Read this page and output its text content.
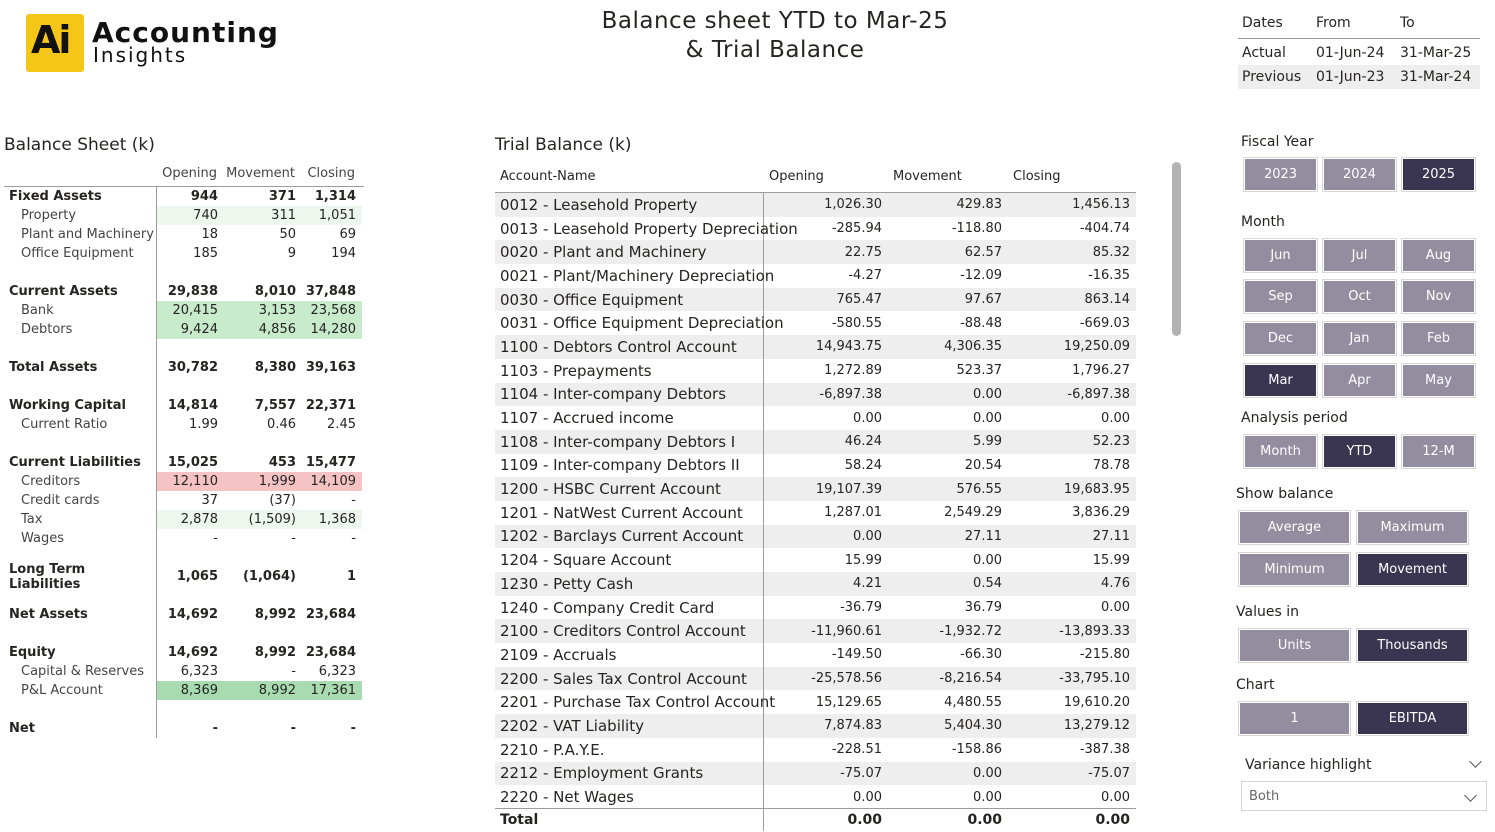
Ai Accounting
Insights
Balance sheet YTD to Mar-25
& Trial Balance
Dates	From	To
Actual	01-Jun-24	31-Mar-25
Previous	01-Jun-23	31-Mar-24
Balance Sheet (k)
Opening Movement Closing
Fixed Assets	944	371	1,314
Property	740	311	1,051
Plant and Machinery	18	50	69
Office Equipment	185	9	194
Current Assets	29,838	8,010 37,848
Bank	20,415	3,153	23,568
Debtors	9,424	4,856	14,280
Total Assets	30,782	8,380 39,163
Working Capital	14,814	7,557 22,371
Current Ratio	1.99	0.46	2.45
Current Liabilities	15,025	453 15,477
Creditors	12,110	1,999	14,109
Credit cards	37	(37)	-
Tax	2,878	(1,509)	1,368
Wages	-	-	-
Long Term Liabilities	1,065	(1,064)	1
Net Assets	14,692	8,992 23,684
Equity	14,692	8,992 23,684
Capital & Reserves	6,323	-	6,323
P&L Account	8,369	8,992	17,361
Net	-	-	-
Trial Balance (k)
Account-Name	Opening	Movement	Closing
0012 - Leasehold Property	1,026.30	429.83	1,456.13
0013 - Leasehold Property Depreciation	-285.94	-118.80	-404.74
0020 - Plant and Machinery	22.75	62.57	85.32
0021 - Plant/Machinery Depreciation	-4.27	-12.09	-16.35
0030 - Office Equipment	765.47	97.67	863.14
0031 - Office Equipment Depreciation	-580.55	-88.48	-669.03
1100 - Debtors Control Account	14,943.75	4,306.35	19,250.09
1103 - Prepayments	1,272.89	523.37	1,796.27
1104 - Inter-company Debtors	-6,897.38	0.00	-6,897.38
1107 - Accrued income	0.00	0.00	0.00
1108 - Inter-company Debtors I	46.24	5.99	52.23
1109 - Inter-company Debtors II	58.24	20.54	78.78
1200 - HSBC Current Account	19,107.39	576.55	19,683.95
1201 - NatWest Current Account	1,287.01	2,549.29	3,836.29
1202 - Barclays Current Account	0.00	27.11	27.11
1204 - Square Account	15.99	0.00	15.99
1230 - Petty Cash	4.21	0.54	4.76
1240 - Company Credit Card	-36.79	36.79	0.00
2100 - Creditors Control Account	-11,960.61	-1,932.72	-13,893.33
2109 - Accruals	-149.50	-66.30	-215.80
2200 - Sales Tax Control Account	-25,578.56	-8,216.54	-33,795.10
2201 - Purchase Tax Control Account	15,129.65	4,480.55	19,610.20
2202 - VAT Liability	7,874.83	5,404.30	13,279.12
2210 - P.A.Y.E.	-228.51	-158.86	-387.38
2212 - Employment Grants	-75.07	0.00	-75.07
2220 - Net Wages	0.00	0.00	0.00
Total	0.00	0.00	0.00
Fiscal Year
2023	2024	2025
Month
Jun	Jul	Aug
Sep	Oct	Nov
Dec	Jan	Feb
Mar	Apr	May
Analysis period
Month	YTD	12-M
Show balance
Average	Maximum
Minimum	Movement
Values in
Units	Thousands
Chart
1	EBITDA
Variance highlight
Both
